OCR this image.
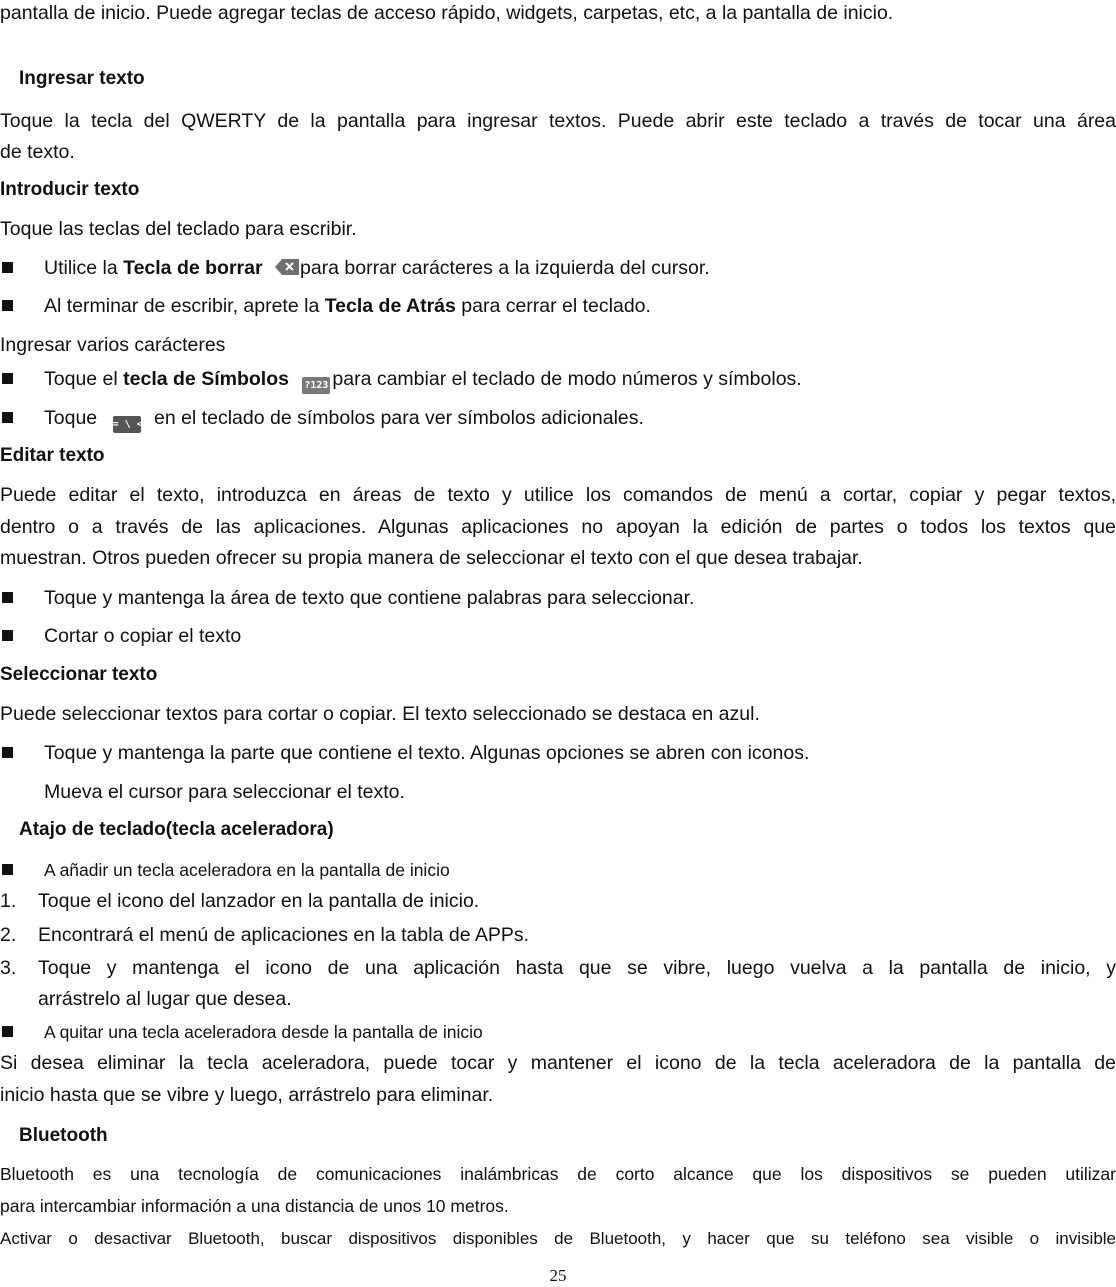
pantalla de inicio. Puede agregar teclas de acceso rápido, widgets, carpetas, etc, a la pantalla de inicio.

Ingresar texto

Toque la tecla del QWERTY de la pantalla para ingresar textos. Puede abrir este teclado a través de tocar una área

de texto.

Introducir texto

Toque las teclas del teclado para escribir.

Utilice la Tecla de borrar para borrar carácteres a la izquierda del cursor.
Al terminar de escribir, aprete la Tecla de Atrás para cerrar el teclado.

Ingresar varios carácteres

Toque el tecla de Símbolos ?123 para cambiar el teclado de modo números y símbolos.
Toque = \ < en el teclado de símbolos para ver símbolos adicionales.

Editar texto

Puede editar el texto, introduzca en áreas de texto y utilice los comandos de menú a cortar, copiar y pegar textos,

dentro o a través de las aplicaciones. Algunas aplicaciones no apoyan la edición de partes o todos los textos que

muestran. Otros pueden ofrecer su propia manera de seleccionar el texto con el que desea trabajar.

Toque y mantenga la área de texto que contiene palabras para seleccionar.
Cortar o copiar el texto

Seleccionar texto

Puede seleccionar textos para cortar o copiar. El texto seleccionado se destaca en azul.

Toque y mantenga la parte que contiene el texto. Algunas opciones se abren con iconos.

Mueva el cursor para seleccionar el texto.

Atajo de teclado(tecla aceleradora)

A añadir un tecla aceleradora en la pantalla de inicio
1. Toque el icono del lanzador en la pantalla de inicio.
2. Encontrará el menú de aplicaciones en la tabla de APPs.
3. Toque y mantenga el icono de una aplicación hasta que se vibre, luego vuelva a la pantalla de inicio, y

arrástrelo al lugar que desea.

A quitar una tecla aceleradora desde la pantalla de inicio

Si desea eliminar la tecla aceleradora, puede tocar y mantener el icono de la tecla aceleradora de la pantalla de

inicio hasta que se vibre y luego, arrástrelo para eliminar.

Bluetooth

Bluetooth es una tecnología de comunicaciones inalámbricas de corto alcance que los dispositivos se pueden utilizar

para intercambiar información a una distancia de unos 10 metros.

Activar o desactivar Bluetooth, buscar dispositivos disponibles de Bluetooth, y hacer que su teléfono sea visible o invisible

25
